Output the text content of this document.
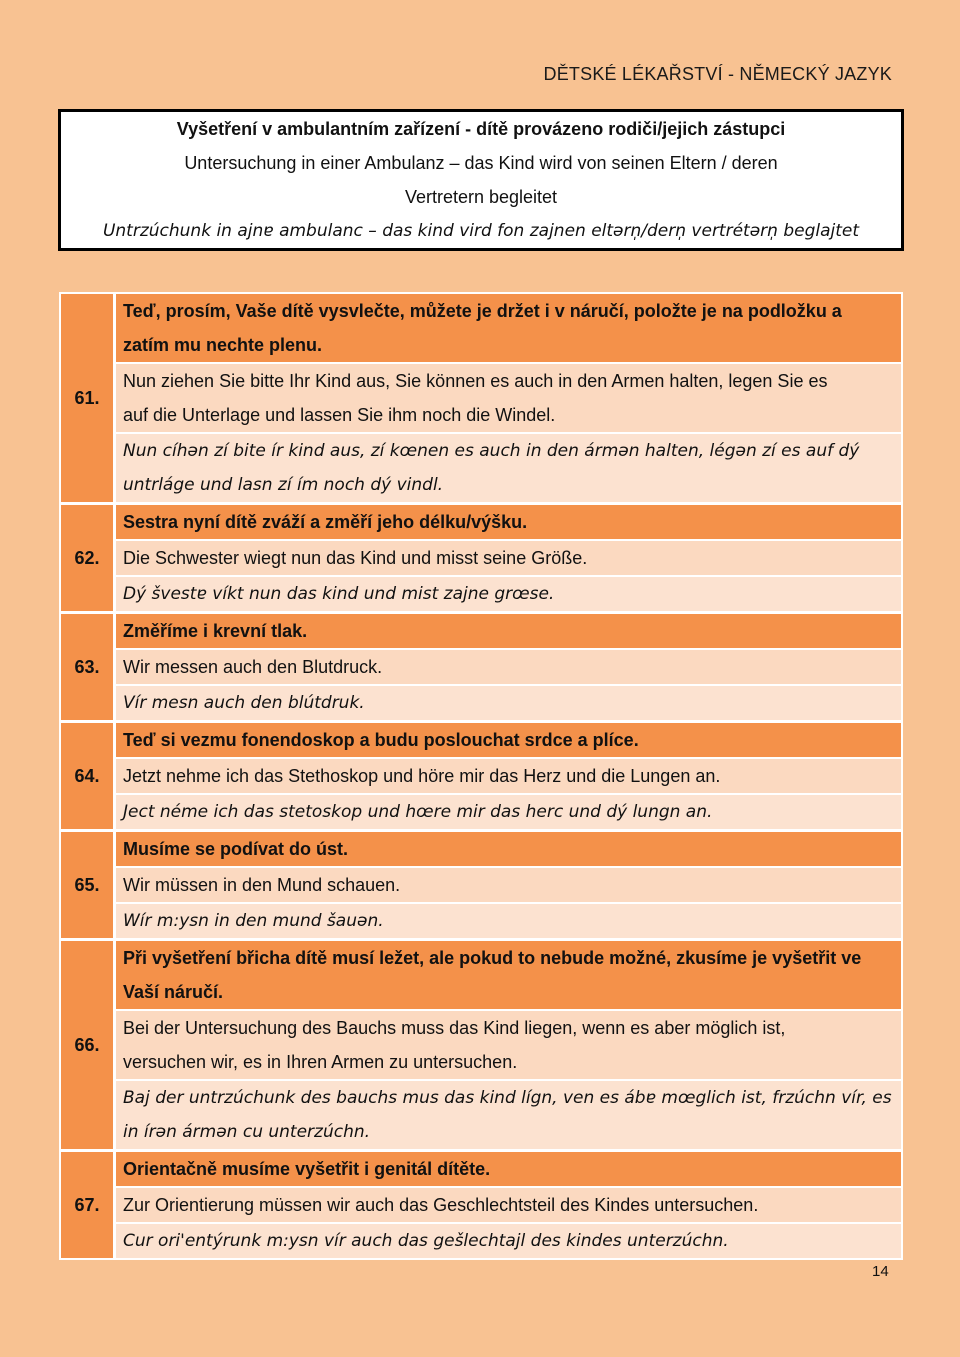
DĚTSKÉ LÉKAŘSTVÍ - NĚMECKÝ JAZYK
Vyšetření v ambulantním zařízení - dítě provázeno rodiči/jejich zástupci
Untersuchung in einer Ambulanz – das Kind wird von seinen Eltern / deren
Vertretern begleitet
Untrzúchunk in ajnɐ ambulanc – das kind vird fon zajnen eltərn̩/dern̩ vertrétərn̩ beglajtet
61.
Teď, prosím, Vaše dítě vysvlečte, můžete je držet i v náručí, položte je na podložku a
zatím mu nechte plenu.
Nun ziehen Sie bitte Ihr Kind aus, Sie können es auch in den Armen halten, legen Sie es
auf die Unterlage und lassen Sie ihm noch die Windel.
Nun cíhən zí bite ír kind aus, zí kœnen es auch in den ármən halten, légən zí es auf dý
untrláge und lasn zí ím noch dý vindl.
62.
Sestra nyní dítě zváží a změří jeho délku/výšku.
Die Schwester wiegt nun das Kind und misst seine Größe.
Dý švestɐ víkt nun das kind und mist zajne grœse.
63.
Změříme i krevní tlak.
Wir messen auch den Blutdruck.
Vír mesn auch den blútdruk.
64.
Teď si vezmu fonendoskop a budu poslouchat srdce a plíce.
Jetzt nehme ich das Stethoskop und höre mir das Herz und die Lungen an.
Ject néme ich das stetoskop und hœre mir das herc und dý lungn an.
65.
Musíme se podívat do úst.
Wir müssen in den Mund schauen.
Wír m:ysn in den mund šauən.
66.
Při vyšetření břicha dítě musí ležet, ale pokud to nebude možné, zkusíme je vyšetřit ve
Vaší náručí.
Bei der Untersuchung des Bauchs muss das Kind liegen, wenn es aber möglich ist,
versuchen wir, es in Ihren Armen zu untersuchen.
Baj der untrzúchunk des bauchs mus das kind lígn, ven es ábɐ mœglich ist, frzúchn vír, es
in írən ármən cu unterzúchn.
67.
Orientačně musíme vyšetřit i genitál dítěte.
Zur Orientierung müssen wir auch das Geschlechtsteil des Kindes untersuchen.
Cur ori'entýrunk m:ysn vír auch das gešlechtajl des kindes unterzúchn.
14
